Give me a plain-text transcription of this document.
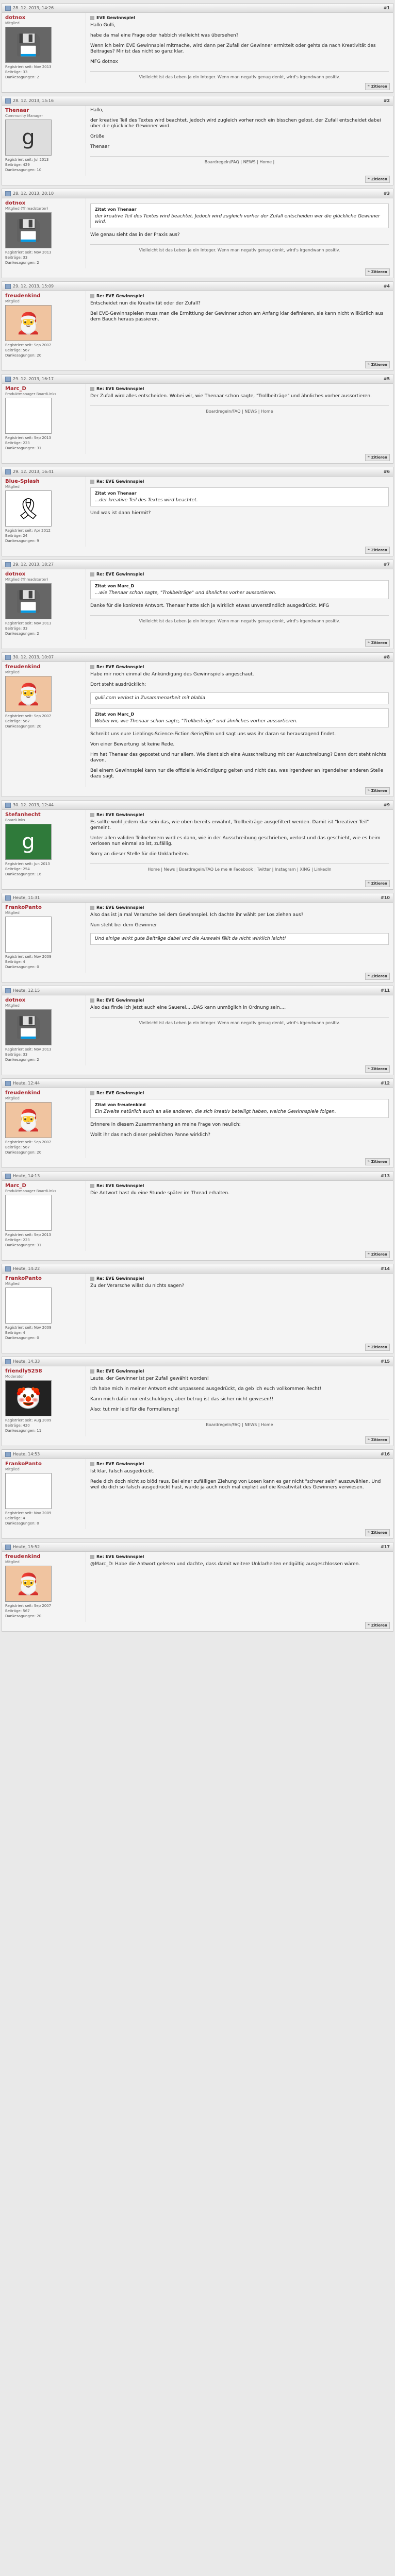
28. 12. 2013, 14:26	#1
dotnox
Mitglied
💾
Registriert seit: Nov 2013
Beiträge: 33
Dankesagungen: 2
EVE Gewinnspiel

Hallo Gulli,

habe da mal eine Frage oder habbich vielleicht was übersehen?

Wenn ich beim EVE Gewinnspiel mitmache, wird dann per Zufall der Gewinner ermittelt oder gehts da nach Kreativität des Beitrages? Mir ist das nicht so ganz klar.

MFG dotnox

Vielleicht ist das Leben ja ein Integer. Wenn man negativ genug denkt, wird's irgendwann positiv.
❝ Zitieren
28. 12. 2013, 15:16	#2
Thenaar
Community Manager
g
Registriert seit: Jul 2013
Beiträge: 429
Dankesagungen: 10

Hallo,

der kreative Teil des Textes wird beachtet. Jedoch wird zugleich vorher noch ein bisschen gelost, der Zufall entscheidet dabei über die glückliche Gewinner wird.

Grüße

Thenaar

Boardregeln/FAQ | NEWS | Home |
❝ Zitieren
28. 12. 2013, 20:10	#3
dotnox
Mitglied (Threadstarter)
💾
Registriert seit: Nov 2013
Beiträge: 33
Dankesagungen: 2
Zitat von Thenaar
der kreative Teil des Textes wird beachtet. Jedoch wird zugleich vorher der Zufall entscheiden wer die glückliche Gewinner wird.

Wie genau sieht das in der Praxis aus?

Vielleicht ist das Leben ja ein Integer. Wenn man negativ genug denkt, wird's irgendwann positiv.
❝ Zitieren
29. 12. 2013, 15:09	#4
freudenkind
Mitglied
🎅
Registriert seit: Sep 2007
Beiträge: 567
Dankesagungen: 20
Re: EVE Gewinnspiel

Entscheidet nun die Kreativität oder der Zufall?

Bei EVE-Gewinnspielen muss man die Ermittlung der Gewinner schon am Anfang klar definieren, sie kann nicht willkürlich aus dem Bauch heraus passieren.

❝ Zitieren
29. 12. 2013, 16:17	#5
Marc_D
Produktmanager BoardLinks
Registriert seit: Sep 2013
Beiträge: 223
Dankesagungen: 31
Re: EVE Gewinnspiel

Der Zufall wird alles entscheiden. Wobei wir, wie Thenaar schon sagte, "Trollbeiträge" und ähnliches vorher aussortieren.

Boardregeln/FAQ | NEWS | Home
❝ Zitieren
29. 12. 2013, 16:41	#6
Blue-Splash
Mitglied
🎗
Registriert seit: Apr 2012
Beiträge: 24
Dankesagungen: 9
Re: EVE Gewinnspiel
Zitat von Thenaar
...der kreative Teil des Textes wird beachtet.

Und was ist dann hiermit?

❝ Zitieren
29. 12. 2013, 18:27	#7
dotnox
Mitglied (Threadstarter)
💾
Registriert seit: Nov 2013
Beiträge: 33
Dankesagungen: 2
Re: EVE Gewinnspiel
Zitat von Marc_D
...wie Thenaar schon sagte, "Trollbeiträge" und ähnliches vorher aussortieren.

Danke für die konkrete Antwort. Thenaar hatte sich ja wirklich etwas unverständlich ausgedrückt. MFG

Vielleicht ist das Leben ja ein Integer. Wenn man negativ genug denkt, wird's irgendwann positiv.
❝ Zitieren
30. 12. 2013, 10:07	#8
freudenkind
Mitglied
🎅
Registriert seit: Sep 2007
Beiträge: 567
Dankesagungen: 20
Re: EVE Gewinnspiel

Habe mir noch einmal die Ankündigung des Gewinnspiels angeschaut.

Dort steht ausdrücklich:

gulli.com verlost in Zusammenarbeit mit blabla
Zitat von Marc_D
Wobei wir, wie Thenaar schon sagte, "Trollbeiträge" und ähnliches vorher aussortieren.

Schreibt uns eure Lieblings-Science-Fiction-Serie/Film und sagt uns was ihr daran so herausragend findet.

Von einer Bewertung ist keine Rede.

Hm hat Thenaar das gepostet und nur allem. Wie dient sich eine Ausschreibung mit der Ausschreibung? Denn dort steht nichts davon.

Bei einem Gewinnspiel kann nur die offizielle Ankündigung gelten und nicht das, was irgendwer an irgendeiner anderen Stelle dazu sagt.

❝ Zitieren
30. 12. 2013, 12:44	#9
Stefanhecht
BoardLinks
g
Registriert seit: Jun 2013
Beiträge: 254
Dankesagungen: 16
Re: EVE Gewinnspiel

Es sollte wohl jedem klar sein das, wie oben bereits erwähnt, Trollbeiträge ausgefiltert werden. Damit ist "kreativer Teil" gemeint.

Unter allen validen Teilnehmern wird es dann, wie in der Ausschreibung geschrieben, verlost und das geschieht, wie es beim verlosen nun einmal so ist, zufällig.

Sorry an dieser Stelle für die Unklarheiten.

Home | News | Boardregeln/FAQ Le me ⊕ Facebook | Twitter | Instagram | XING | LinkedIn
❝ Zitieren
Heute, 11:31	#10
FrankoPanto
Mitglied
Registriert seit: Nov 2009
Beiträge: 4
Dankesagungen: 0
Re: EVE Gewinnspiel

Also das ist ja mal Verarsche bei dem Gewinnspiel. Ich dachte ihr wählt per Los ziehen aus?

Nun steht bei dem Gewinner

Und einige wirkt gute Beiträge dabei und die Auswahl fällt da nicht wirklich leicht!
❝ Zitieren
Heute, 12:15	#11
dotnox
Mitglied
💾
Registriert seit: Nov 2013
Beiträge: 33
Dankesagungen: 2
Re: EVE Gewinnspiel

Also das finde ich jetzt auch eine Sauerei.....DAS kann unmöglich in Ordnung sein....

Vielleicht ist das Leben ja ein Integer. Wenn man negativ genug denkt, wird's irgendwann positiv.
❝ Zitieren
Heute, 12:44	#12
freudenkind
Mitglied
🎅
Registriert seit: Sep 2007
Beiträge: 567
Dankesagungen: 20
Re: EVE Gewinnspiel
Zitat von freudenkind
Ein Zweite natürlich auch an alle anderen, die sich kreativ beteiligt haben, welche Gewinnspiele folgen.

Erinnere in diesem Zusammenhang an meine Frage von neulich:

Wollt ihr das nach dieser peinlichen Panne wirklich?

❝ Zitieren
Heute, 14:13	#13
Marc_D
Produktmanager BoardLinks
Registriert seit: Sep 2013
Beiträge: 223
Dankesagungen: 31
Re: EVE Gewinnspiel

Die Antwort hast du eine Stunde später im Thread erhalten.

❝ Zitieren
Heute, 14:22	#14
FrankoPanto
Mitglied
Registriert seit: Nov 2009
Beiträge: 4
Dankesagungen: 0
Re: EVE Gewinnspiel

Zu der Verarsche willst du nichts sagen?

❝ Zitieren
Heute, 14:33	#15
friendly5258
Moderator
🤡
Registriert seit: Aug 2009
Beiträge: 420
Dankesagungen: 11
Re: EVE Gewinnspiel

Leute, der Gewinner ist per Zufall gewählt worden!

Ich habe mich in meiner Antwort echt unpassend ausgedrückt, da geb ich euch vollkommen Recht!

Kann mich dafür nur entschuldigen, aber betrug ist das sicher nicht gewesen!!

Also: tut mir leid für die Formulierung!

Boardregeln/FAQ | NEWS | Home
❝ Zitieren
Heute, 14:53	#16
FrankoPanto
Mitglied
Registriert seit: Nov 2009
Beiträge: 4
Dankesagungen: 0
Re: EVE Gewinnspiel

Ist klar, falsch ausgedrückt.

Rede dich doch nicht so blöd raus. Bei einer zufälligen Ziehung von Losen kann es gar nicht "schwer sein" auszuwählen. Und weil du dich so falsch ausgedrückt hast, wurde ja auch noch mal explizit auf die Kreativität des Gewinners verwiesen.

❝ Zitieren
Heute, 15:52	#17
freudenkind
Mitglied
🎅
Registriert seit: Sep 2007
Beiträge: 567
Dankesagungen: 20
Re: EVE Gewinnspiel

@Marc_D: Habe die Antwort gelesen und dachte, dass damit weitere Unklarheiten endgültig ausgeschlossen wären.

❝ Zitieren
